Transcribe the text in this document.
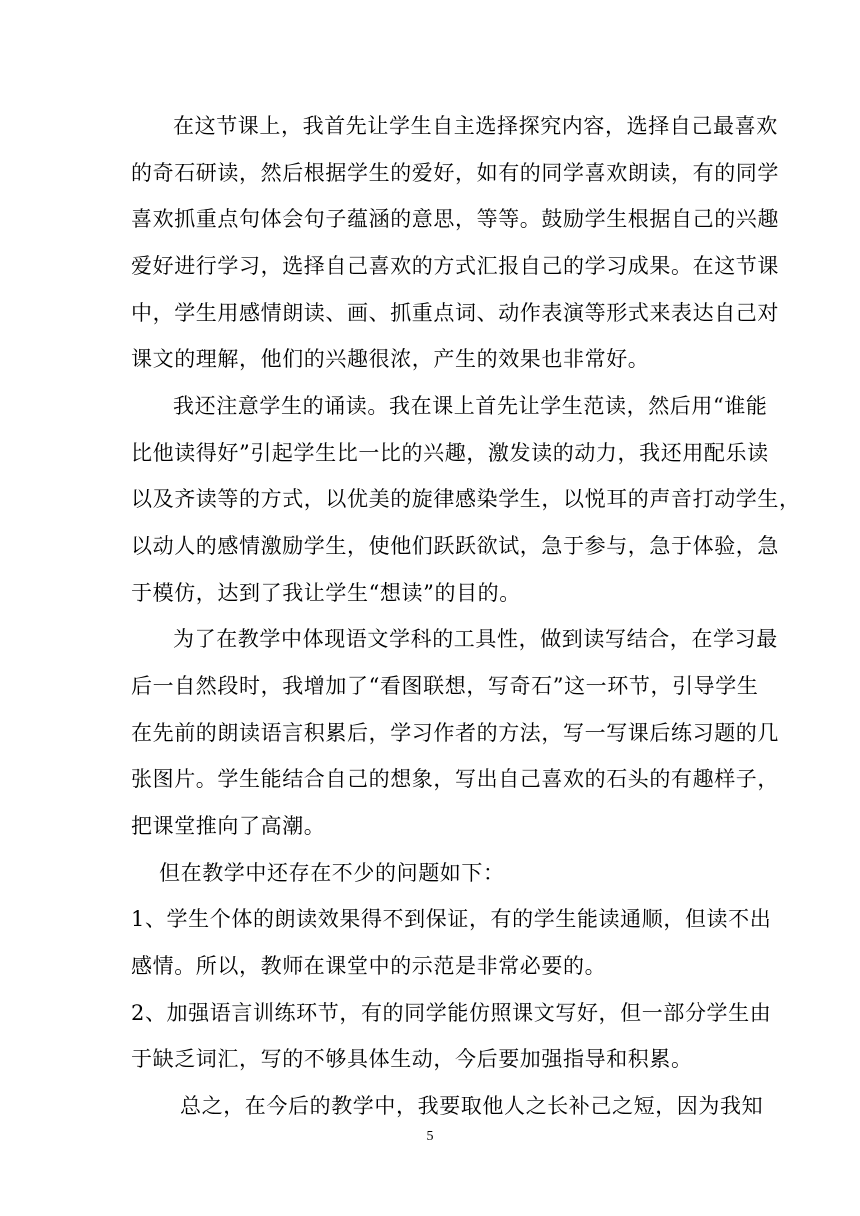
在这节课上，我首先让学生自主选择探究内容，选择自己最喜欢
的奇石研读，然后根据学生的爱好，如有的同学喜欢朗读，有的同学
喜欢抓重点句体会句子蕴涵的意思，等等。鼓励学生根据自己的兴趣
爱好进行学习，选择自己喜欢的方式汇报自己的学习成果。在这节课
中，学生用感情朗读、画、抓重点词、动作表演等形式来表达自己对
课文的理解，他们的兴趣很浓，产生的效果也非常好。
我还注意学生的诵读。我在课上首先让学生范读，然后用“谁能
比他读得好”引起学生比一比的兴趣，激发读的动力，我还用配乐读
以及齐读等的方式，以优美的旋律感染学生，以悦耳的声音打动学生，
以动人的感情激励学生，使他们跃跃欲试，急于参与，急于体验，急
于模仿，达到了我让学生“想读”的目的。
为了在教学中体现语文学科的工具性，做到读写结合，在学习最
后一自然段时，我增加了“看图联想，写奇石”这一环节，引导学生
在先前的朗读语言积累后，学习作者的方法，写一写课后练习题的几
张图片。学生能结合自己的想象，写出自己喜欢的石头的有趣样子，
把课堂推向了高潮。
但在教学中还存在不少的问题如下：
1、学生个体的朗读效果得不到保证，有的学生能读通顺，但读不出
感情。所以，教师在课堂中的示范是非常必要的。
2、加强语言训练环节，有的同学能仿照课文写好，但一部分学生由
于缺乏词汇，写的不够具体生动，今后要加强指导和积累。
总之，在今后的教学中，我要取他人之长补己之短，因为我知
5
